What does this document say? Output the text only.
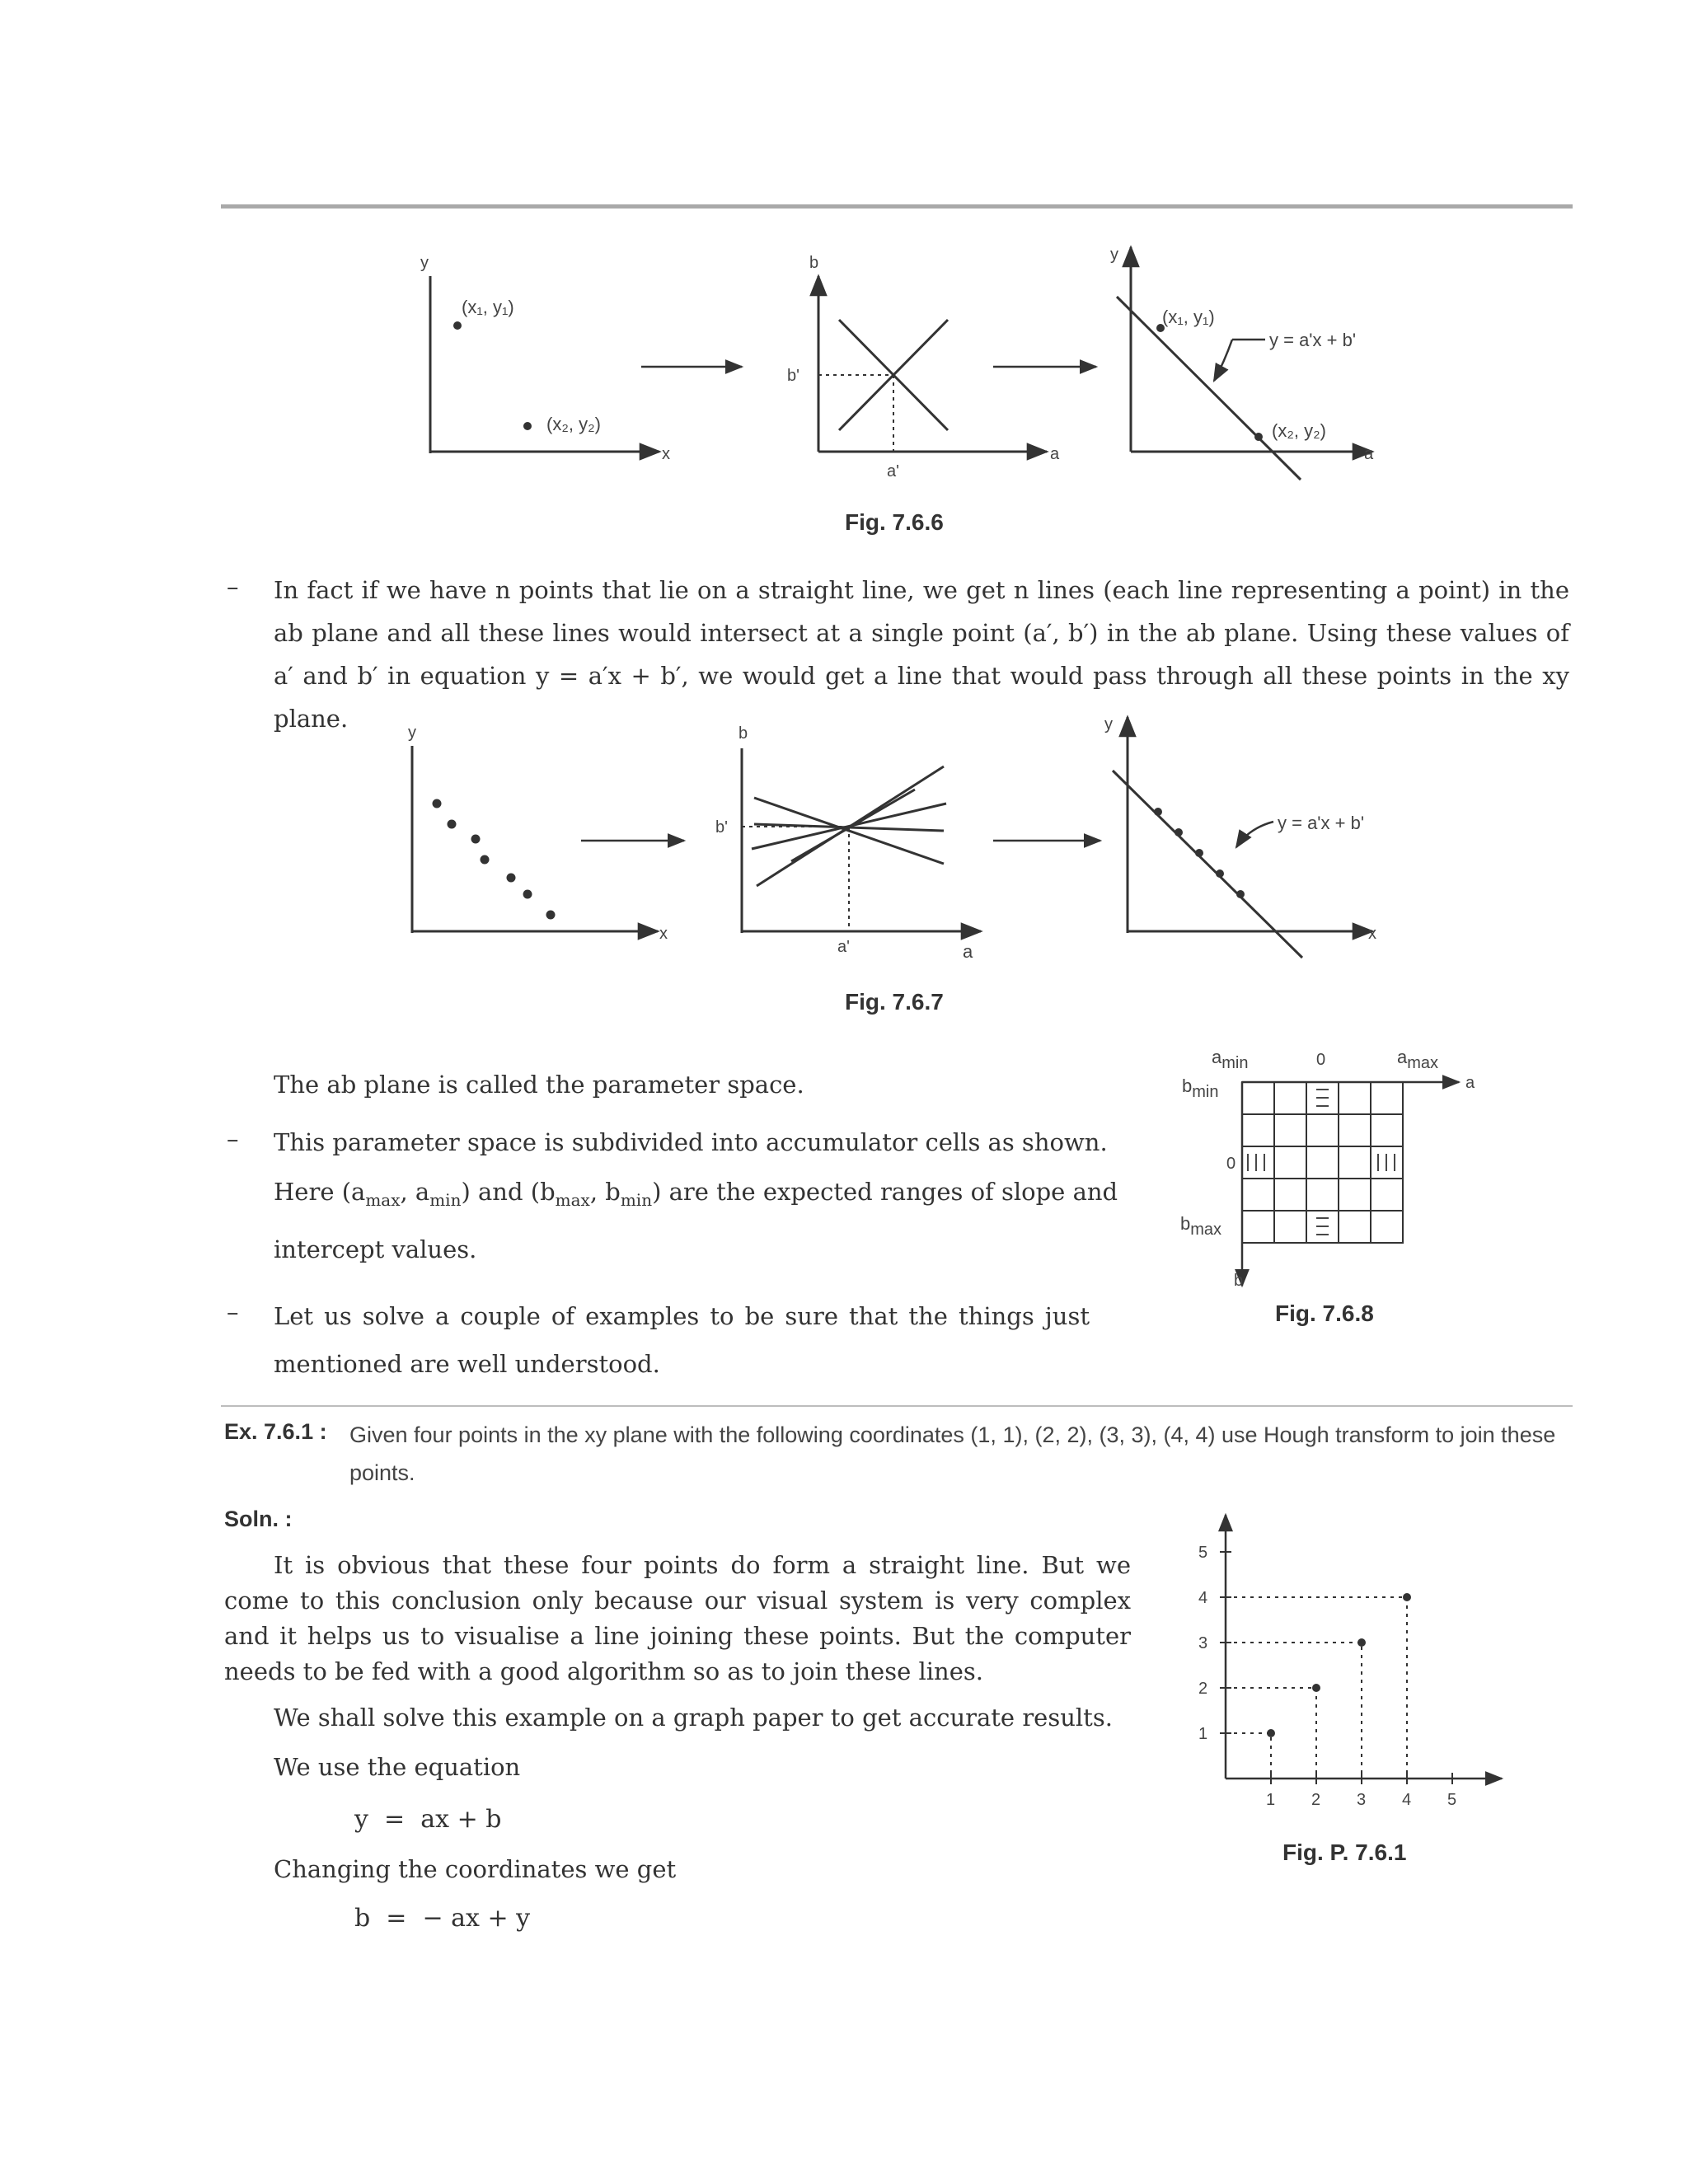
y
x
(x₁, y₁)
(x₂, y₂)
b
a
b'
a'
y
a
(x₁, y₁)
(x₂, y₂)
y = a'x + b'
Fig. 7.6.6
– In fact if we have n points that lie on a straight line, we get n lines (each line representing a point) in the ab plane and all these lines would intersect at a single point (a′, b′) in the ab plane. Using these values of a′ and b′ in equation y = a′x + b′, we would get a line that would pass through all these points in the xy plane.	y
x
b
a
b'
a'
y
x
y = a'x + b'
Fig. 7.6.7
The ab plane is called the parameter space.
– This parameter space is subdivided into accumulator cells as shown.
Here ($a_{max}$, $a_{min}$) and ($b_{max}$, $b_{min}$) are the expected ranges of slope and
intercept values.
– Let us solve a couple of examples to be sure that the things just mentioned are well understood.
amin	0	amax
a
bmin
0
bmax
b
Fig. 7.6.8
Ex. 7.6.1 : Given four points in the xy plane with the following coordinates (1, 1), (2, 2), (3, 3), (4, 4) use Hough transform to join these points.
Soln. :
It is obvious that these four points do form a straight line. But we come to this conclusion only because our visual system is very complex and it helps us to visualise a line joining these points. But the computer needs to be fed with a good algorithm so as to join these lines.
We shall solve this example on a graph paper to get accurate results.
We use the equation
y  =  ax + b
Changing the coordinates we get
b  =  − ax + y
1
2
3
4
5
1 2 3 4 5
Fig. P. 7.6.1
